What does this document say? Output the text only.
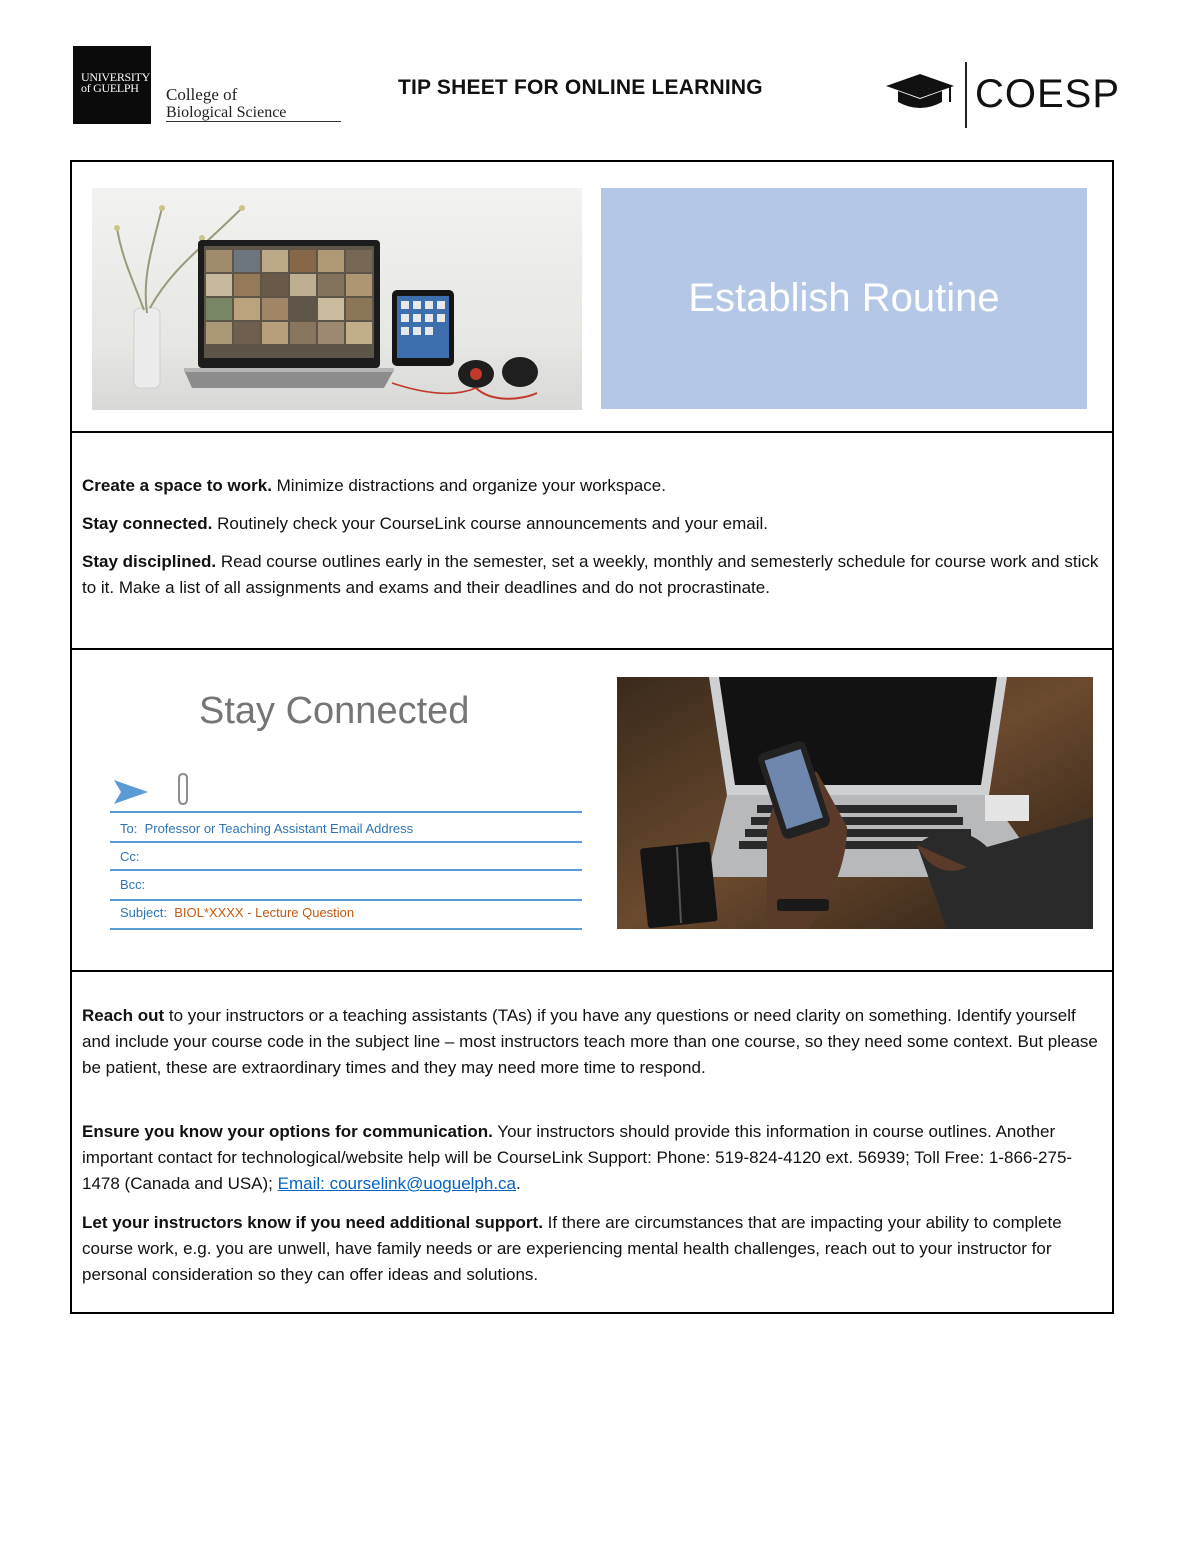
UNIVERSITY
of GUELPH College of
Biological Science
TIP SHEET FOR ONLINE LEARNING	COESP
Establish Routine
Create a space to work. Minimize distractions and organize your workspace.
Stay connected. Routinely check your CourseLink course announcements and your email.
Stay disciplined. Read course outlines early in the semester, set a weekly, monthly and semesterly schedule for course work and stick to it. Make a list of all assignments and exams and their deadlines and do not procrastinate.
Stay Connected
To: Professor or Teaching Assistant Email Address
Cc:
Bcc:
Subject: BIOL*XXXX - Lecture Question
Reach out to your instructors or a teaching assistants (TAs) if you have any questions or need clarity on something. Identify yourself and include your course code in the subject line – most instructors teach more than one course, so they need some context. But please be patient, these are extraordinary times and they may need more time to respond.
Ensure you know your options for communication. Your instructors should provide this information in course outlines. Another important contact for technological/website help will be CourseLink Support: Phone: 519-824-4120 ext. 56939; Toll Free: 1-866-275-1478 (Canada and USA); Email: courselink@uoguelph.ca.
Let your instructors know if you need additional support. If there are circumstances that are impacting your ability to complete course work, e.g. you are unwell, have family needs or are experiencing mental health challenges, reach out to your instructor for personal consideration so they can offer ideas and solutions.
